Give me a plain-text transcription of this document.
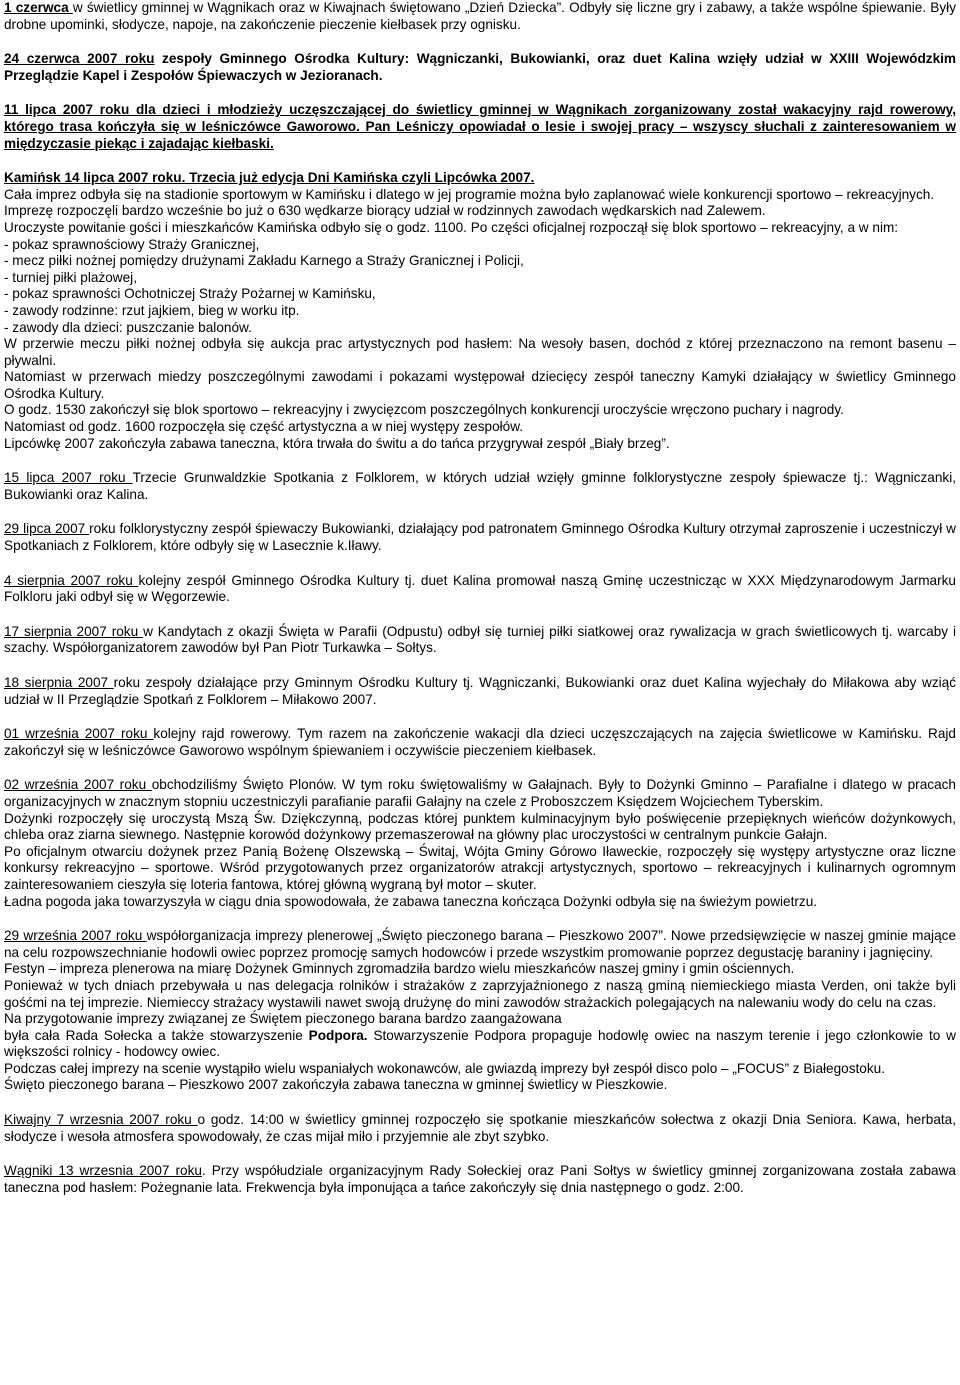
1 czerwca w świetlicy gminnej w Wągnikach oraz w Kiwajnach świętowano „Dzień Dziecka”. Odbyły się liczne gry i zabawy, a także wspólne śpiewanie. Były drobne upominki, słodycze, napoje, na zakończenie pieczenie kiełbasek przy ognisku.

24 czerwca 2007 roku zespoły Gminnego Ośrodka Kultury: Wągniczanki, Bukowianki, oraz duet Kalina wzięły udział w XXIII Wojewódzkim Przeglądzie Kapel i Zespołów Śpiewaczych w Jezioranach.

11 lipca 2007 roku dla dzieci i młodzieży uczęszczającej do świetlicy gminnej w Wągnikach zorganizowany został wakacyjny rajd rowerowy, którego trasa kończyła się w leśniczówce Gaworowo. Pan Leśniczy opowiadał o lesie i swojej pracy – wszyscy słuchali z zainteresowaniem w międzyczasie piekąc i zajadając kiełbaski.

Kamińsk 14 lipca 2007 roku. Trzecia już edycja Dni Kamińska czyli Lipcówka 2007.

Cała imprez odbyła się na stadionie sportowym w Kamińsku i dlatego w jej programie można było zaplanować wiele konkurencji sportowo – rekreacyjnych.

Imprezę rozpoczęli bardzo wcześnie bo już o 630 wędkarze biorący udział w rodzinnych zawodach wędkarskich nad Zalewem.

Uroczyste powitanie gości i mieszkańców Kamińska odbyło się o godz. 1100. Po części oficjalnej rozpoczął się blok sportowo – rekreacyjny, a w nim:

- pokaz sprawnościowy Straży Granicznej,

- mecz piłki nożnej pomiędzy drużynami Zakładu Karnego a Straży Granicznej i Policji,

- turniej piłki plażowej,

- pokaz sprawności Ochotniczej Straży Pożarnej w Kamińsku,

- zawody rodzinne: rzut jajkiem, bieg w worku itp.

- zawody dla dzieci: puszczanie balonów.

W przerwie meczu piłki nożnej odbyła się aukcja prac artystycznych pod hasłem: Na wesoły basen, dochód z której przeznaczono na remont basenu – pływalni.

Natomiast w przerwach miedzy poszczególnymi zawodami i pokazami występował dziecięcy zespół taneczny Kamyki działający w świetlicy Gminnego Ośrodka Kultury.

O godz. 1530 zakończył się blok sportowo – rekreacyjny i zwycięzcom poszczególnych konkurencji uroczyście wręczono puchary i nagrody.

Natomiast od godz. 1600 rozpoczęła się część artystyczna a w niej występy zespołów.

Lipcówkę 2007 zakończyła zabawa taneczna, która trwała do świtu a do tańca przygrywał zespół „Biały brzeg”.

15 lipca 2007 roku Trzecie Grunwaldzkie Spotkania z Folklorem, w których udział wzięły gminne folklorystyczne zespoły śpiewacze tj.: Wągniczanki, Bukowianki oraz Kalina.

29 lipca 2007 roku folklorystyczny zespół śpiewaczy Bukowianki, działający pod patronatem Gminnego Ośrodka Kultury otrzymał zaproszenie i uczestniczył w Spotkaniach z Folklorem, które odbyły się w Lasecznie k.Iławy.

4 sierpnia 2007 roku kolejny zespół Gminnego Ośrodka Kultury tj. duet Kalina promował naszą Gminę uczestnicząc w XXX Międzynarodowym Jarmarku Folkloru jaki odbył się w Węgorzewie.

17 sierpnia 2007 roku w Kandytach z okazji Święta w Parafii (Odpustu) odbył się turniej piłki siatkowej oraz rywalizacja w grach świetlicowych tj. warcaby i szachy. Współorganizatorem zawodów był Pan Piotr Turkawka – Sołtys.

18 sierpnia 2007 roku zespoły działające przy Gminnym Ośrodku Kultury tj. Wągniczanki, Bukowianki oraz duet Kalina wyjechały do Miłakowa aby wziąć udział w II Przeglądzie Spotkań z Folklorem – Miłakowo 2007.

01 września 2007 roku kolejny rajd rowerowy. Tym razem na zakończenie wakacji dla dzieci uczęszczających na zajęcia świetlicowe w Kamińsku. Rajd zakończył się w leśniczówce Gaworowo wspólnym śpiewaniem i oczywiście pieczeniem kiełbasek.

02 września 2007 roku obchodziliśmy Święto Plonów. W tym roku świętowaliśmy w Gałajnach. Były to Dożynki Gminno – Parafialne i dlatego w pracach organizacyjnych w znacznym stopniu uczestniczyli parafianie parafii Gałajny na czele z Proboszczem Księdzem Wojciechem Tyberskim.

Dożynki rozpoczęły się uroczystą Mszą Św. Dziękczynną, podczas której punktem kulminacyjnym było poświęcenie przepięknych wieńców dożynkowych, chleba oraz ziarna siewnego. Następnie korowód dożynkowy przemaszerował na główny plac uroczystości w centralnym punkcie Gałajn.

Po oficjalnym otwarciu dożynek przez Panią Bożenę Olszewską – Świtaj, Wójta Gminy Górowo Iławeckie, rozpoczęły się występy artystyczne oraz liczne konkursy rekreacyjno – sportowe. Wśród przygotowanych przez organizatorów atrakcji artystycznych, sportowo – rekreacyjnych i kulinarnych ogromnym zainteresowaniem cieszyła się loteria fantowa, której główną wygraną był motor – skuter.

Ładna pogoda jaka towarzyszyła w ciągu dnia spowodowała, że zabawa taneczna kończąca Dożynki odbyła się na świeżym powietrzu.

29 września 2007 roku współorganizacja imprezy plenerowej „Święto pieczonego barana – Pieszkowo 2007”. Nowe przedsięwzięcie w naszej gminie mające na celu rozpowszechnianie hodowli owiec poprzez promocję samych hodowców i przede wszystkim promowanie poprzez degustację baraniny i jagnięciny.

Festyn – impreza plenerowa na miarę Dożynek Gminnych zgromadziła bardzo wielu mieszkańców naszej gminy i gmin ościennych.

Ponieważ w tych dniach przebywała u nas delegacja rolników i strażaków z zaprzyjaźnionego z naszą gminą niemieckiego miasta Verden, oni także byli gośćmi na tej imprezie. Niemieccy strażacy wystawili nawet swoją drużynę do mini zawodów strażackich polegających na nalewaniu wody do celu na czas.

Na przygotowanie imprezy związanej ze Świętem pieczonego barana bardzo zaangażowana

była cała Rada Sołecka a także stowarzyszenie Podpora. Stowarzyszenie Podpora propaguje hodowlę owiec na naszym terenie i jego członkowie to w większości rolnicy - hodowcy owiec.

Podczas całej imprezy na scenie wystąpiło wielu wspaniałych wokonawców, ale gwiazdą imprezy był zespół disco polo – „FOCUS” z Białegostoku.

Święto pieczonego barana – Pieszkowo 2007 zakończyła zabawa taneczna w gminnej świetlicy w Pieszkowie.

Kiwajny 7 wrzesnia 2007 roku o godz. 14:00 w świetlicy gminnej rozpoczęło się spotkanie mieszkańców sołectwa z okazji Dnia Seniora. Kawa, herbata, słodycze i wesoła atmosfera spowodowały, że czas mijał miło i przyjemnie ale zbyt szybko.

Wągniki 13 wrzesnia 2007 roku. Przy współudziale organizacyjnym Rady Sołeckiej oraz Pani Sołtys w świetlicy gminnej zorganizowana została zabawa taneczna pod hasłem: Pożegnanie lata. Frekwencja była imponująca a tańce zakończyły się dnia następnego o godz. 2:00.
